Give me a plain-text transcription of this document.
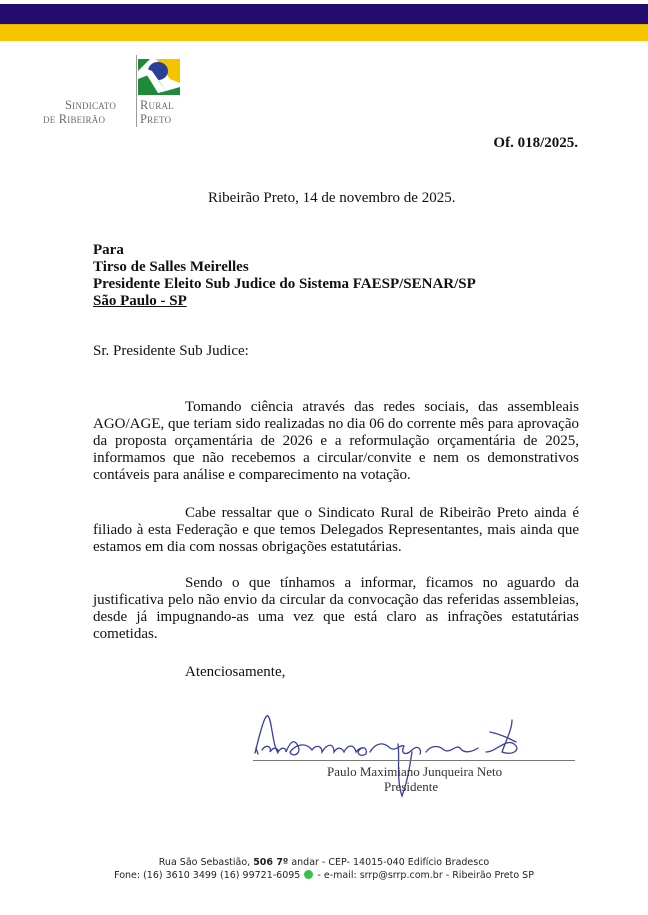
Sindicato
de Ribeirão
Rural
Preto
Of. 018/2025.
Ribeirão Preto, 14 de novembro de 2025.
Para
Tirso de Salles Meirelles
Presidente Eleito Sub Judice do Sistema FAESP/SENAR/SP
São Paulo - SP
Sr. Presidente Sub Judice:
Tomando ciência através das redes sociais, das assembleais AGO/AGE, que teriam sido realizadas no dia 06 do corrente mês para aprovação da proposta orçamentária de 2026 e a reformulação orçamentária de 2025, informamos que não recebemos a circular/convite e nem os demonstrativos contáveis para análise e comparecimento na votação.
Cabe ressaltar que o Sindicato Rural de Ribeirão Preto ainda é filiado à esta Federação e que temos Delegados Representantes, mais ainda que estamos em dia com nossas obrigações estatutárias.
Sendo o que tínhamos a informar, ficamos no aguardo da justificativa pelo não envio da circular da convocação das referidas assembleias, desde já impugnando-as uma vez que está claro as infrações estatutárias cometidas.
Atenciosamente,
Paulo Maximiano Junqueira Neto
Presidente
Rua São Sebastião, 506 7º andar - CEP- 14015-040 Edifício Bradesco
Fone: (16) 3610 3499 (16) 99721-6095 - e-mail: srrp@srrp.com.br - Ribeirão Preto SP
